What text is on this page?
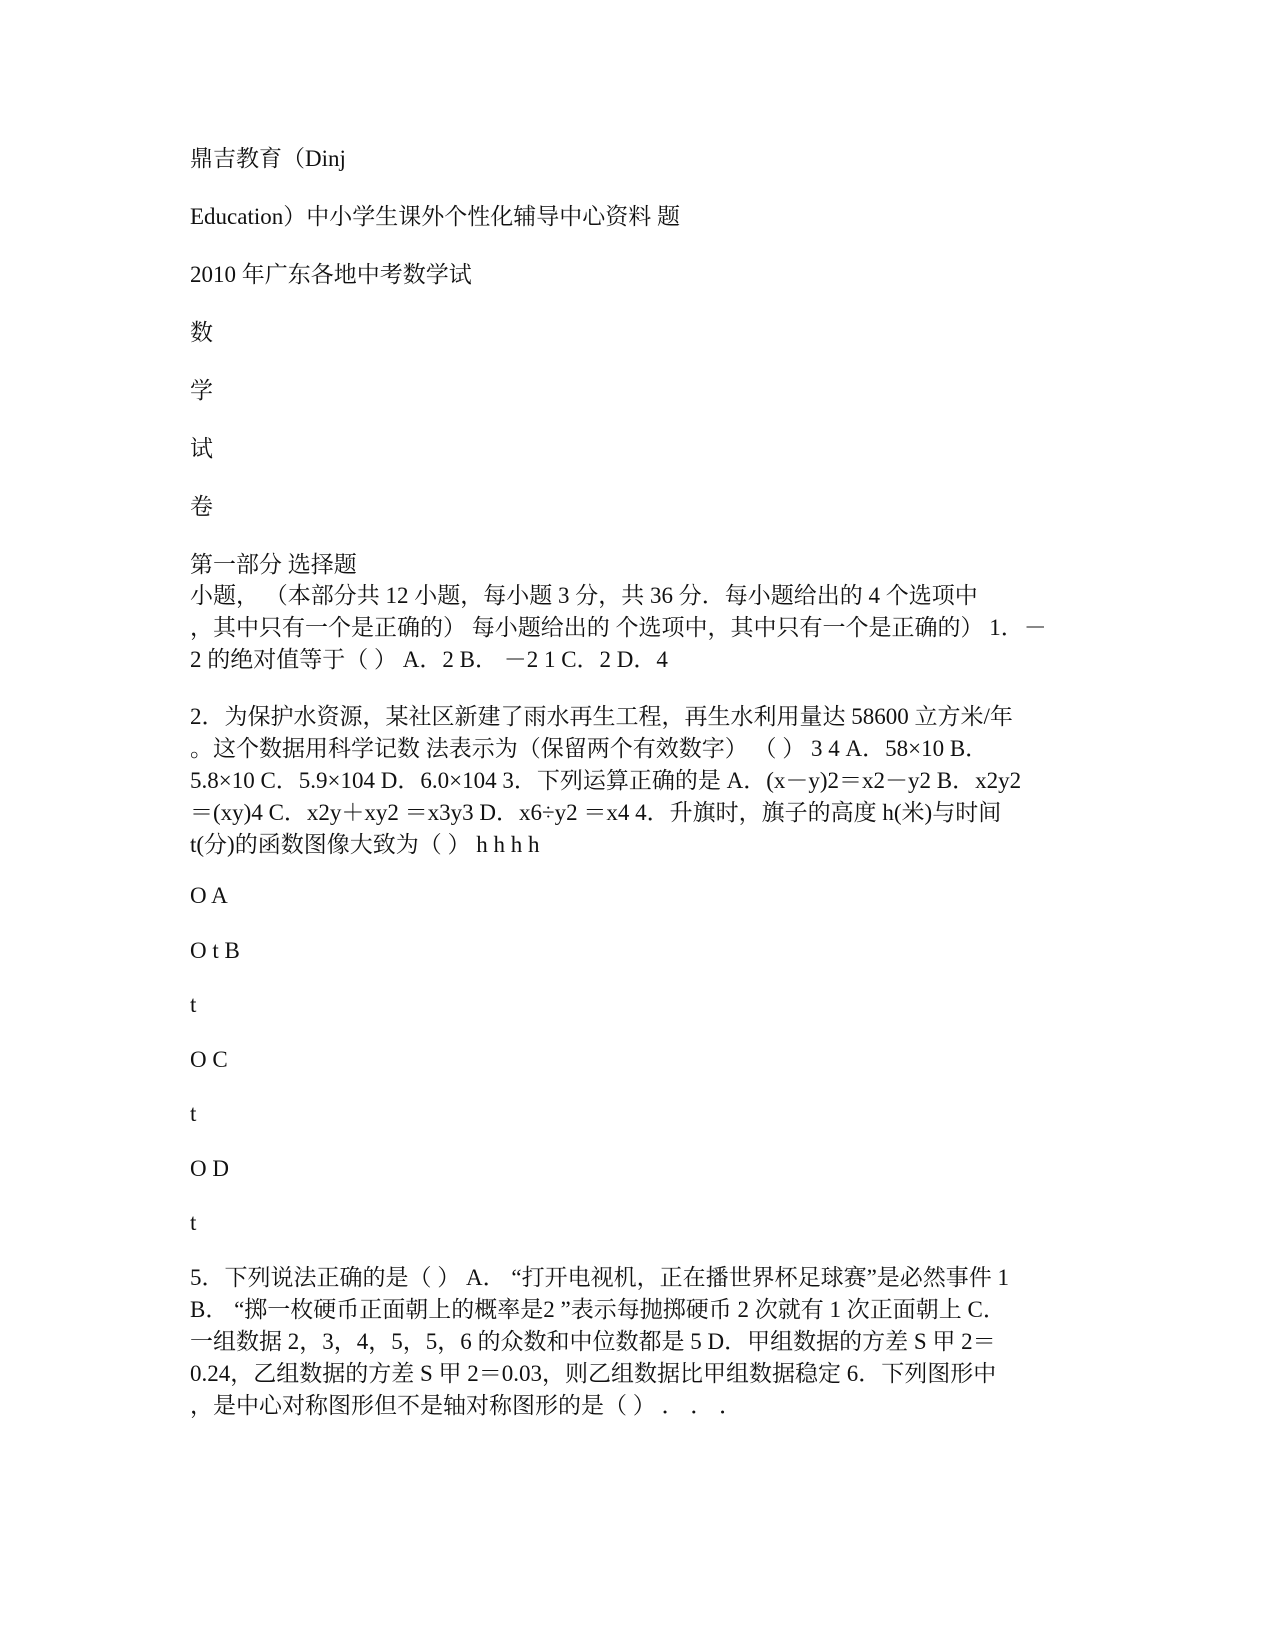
鼎吉教育（Dinj
Education）中小学生课外个性化辅导中心资料 题
2010 年广东各地中考数学试
数
学
试
卷
第一部分 选择题
小题， （本部分共 12 小题，每小题 3 分，共 36 分．每小题给出的 4 个选项中
，其中只有一个是正确的） 每小题给出的 个选项中，其中只有一个是正确的） 1．－
2 的绝对值等于（ ） A．2 B． －2 1 C．2 D．4
2．为保护水资源，某社区新建了雨水再生工程，再生水利用量达 58600 立方米/年
。这个数据用科学记数 法表示为（保留两个有效数字） （ ） 3 4 A．58×10 B．
5.8×10 C．5.9×104 D．6.0×104 3．下列运算正确的是 A．(x－y)2＝x2－y2 B．x2y2
＝(xy)4 C．x2y＋xy2 ＝x3y3 D．x6÷y2 ＝x4 4．升旗时，旗子的高度 h(米)与时间
t(分)的函数图像大致为（ ） h h h h
O A
O t B
t
O C
t
O D
t
5．下列说法正确的是（ ） A． “打开电视机，正在播世界杯足球赛”是必然事件 1
B． “掷一枚硬币正面朝上的概率是2 ”表示每抛掷硬币 2 次就有 1 次正面朝上 C．
一组数据 2，3，4，5，5，6 的众数和中位数都是 5 D．甲组数据的方差 S 甲 2＝
0.24，乙组数据的方差 S 甲 2＝0.03，则乙组数据比甲组数据稳定 6．下列图形中
，是中心对称图形但不是轴对称图形的是（ ） ． ． ．
